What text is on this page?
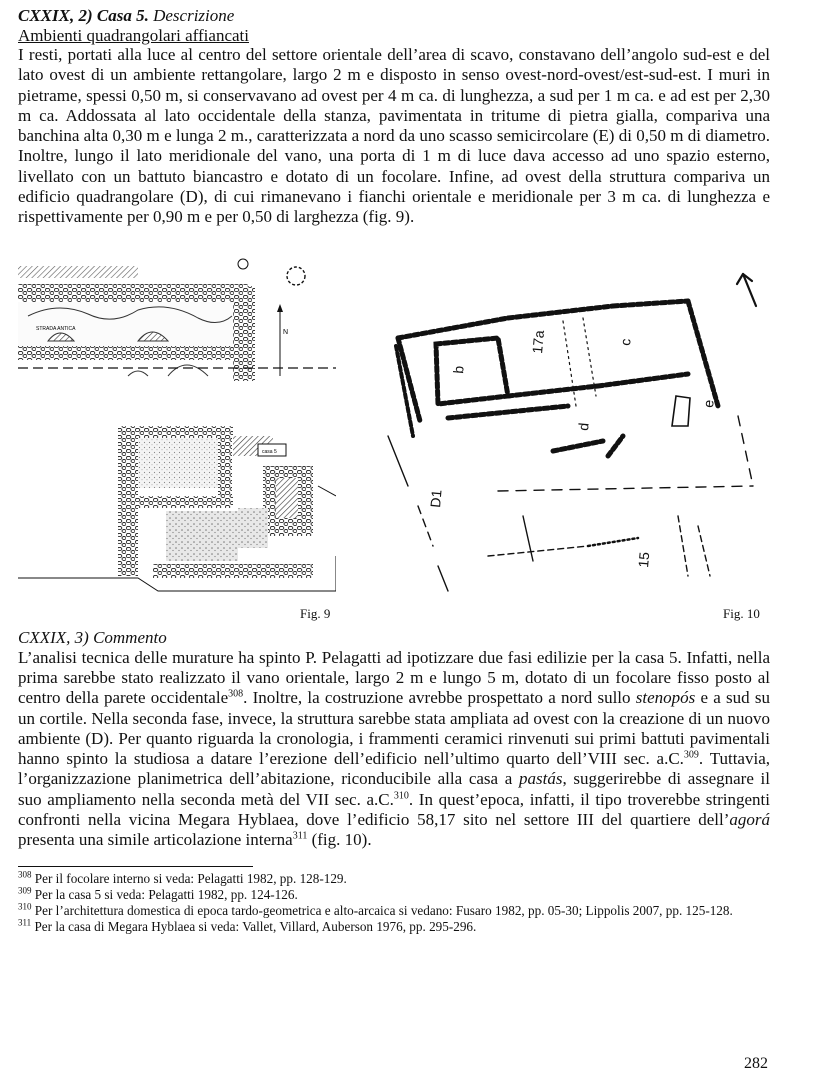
CXXIX, 2) Casa 5. Descrizione
Ambienti quadrangolari affiancati

I resti, portati alla luce al centro del settore orientale dell’area di scavo, constavano dell’angolo sud-est e del lato ovest di un ambiente rettangolare, largo 2 m e disposto in senso ovest-nord-ovest/est-sud-est. I muri in pietrame, spessi 0,50 m, si conservavano ad ovest per 4 m ca. di lunghezza, a sud per 1 m ca. e ad est per 2,30 m ca. Addossata al lato occidentale della stanza, pavimentata in tritume di pietra gialla, compariva una banchina alta 0,30 m e lunga 2 m., caratterizzata a nord da uno scasso semicircolare (E) di 0,50 m di diametro. Inoltre, lungo il lato meridionale del vano, una porta di 1 m di luce dava accesso ad uno spazio esterno, livellato con un battuto biancastro e dotato di un focolare. Infine, ad ovest della struttura compariva un edificio quadrangolare (D), di cui rimanevano i fianchi orientale e meridionale per 3 m ca. di lunghezza e rispettivamente per 0,90 m e per 0,50 di larghezza (fig. 9).

STRADA ANTICA	N
casa 5
b
17a	c
d
e
D1
15
Fig. 9	Fig. 10
CXXIX, 3) Commento

L’analisi tecnica delle murature ha spinto P. Pelagatti ad ipotizzare due fasi edilizie per la casa 5. Infatti, nella prima sarebbe stato realizzato il vano orientale, largo 2 m e lungo 5 m, dotato di un focolare fisso posto al centro della parete occidentale$^{308}$. Inoltre, la costruzione avrebbe prospettato a nord sullo stenopós e a sud su un cortile. Nella seconda fase, invece, la struttura sarebbe stata ampliata ad ovest con la creazione di un nuovo ambiente (D). Per quanto riguarda la cronologia, i frammenti ceramici rinvenuti sui primi battuti pavimentali hanno spinto la studiosa a datare l’erezione dell’edificio nell’ultimo quarto dell’VIII sec. a.C.$^{309}$. Tuttavia, l’organizzazione planimetrica dell’abitazione, riconducibile alla casa a pastás, suggerirebbe di assegnare il suo ampliamento nella seconda metà del VII sec. a.C.$^{310}$. In quest’epoca, infatti, il tipo troverebbe stringenti confronti nella vicina Megara Hyblaea, dove l’edificio 58,17 sito nel settore III del quartiere dell’agorá presenta una simile articolazione interna$^{311}$ (fig. 10).

$^{308}$ Per il focolare interno si veda: Pelagatti 1982, pp. 128-129.
$^{309}$ Per la casa 5 si veda: Pelagatti 1982, pp. 124-126.
$^{310}$ Per l’architettura domestica di epoca tardo-geometrica e alto-arcaica si vedano: Fusaro 1982, pp. 05-30; Lippolis 2007, pp. 125-128.
$^{311}$ Per la casa di Megara Hyblaea si veda: Vallet, Villard, Auberson 1976, pp. 295-296.
282
